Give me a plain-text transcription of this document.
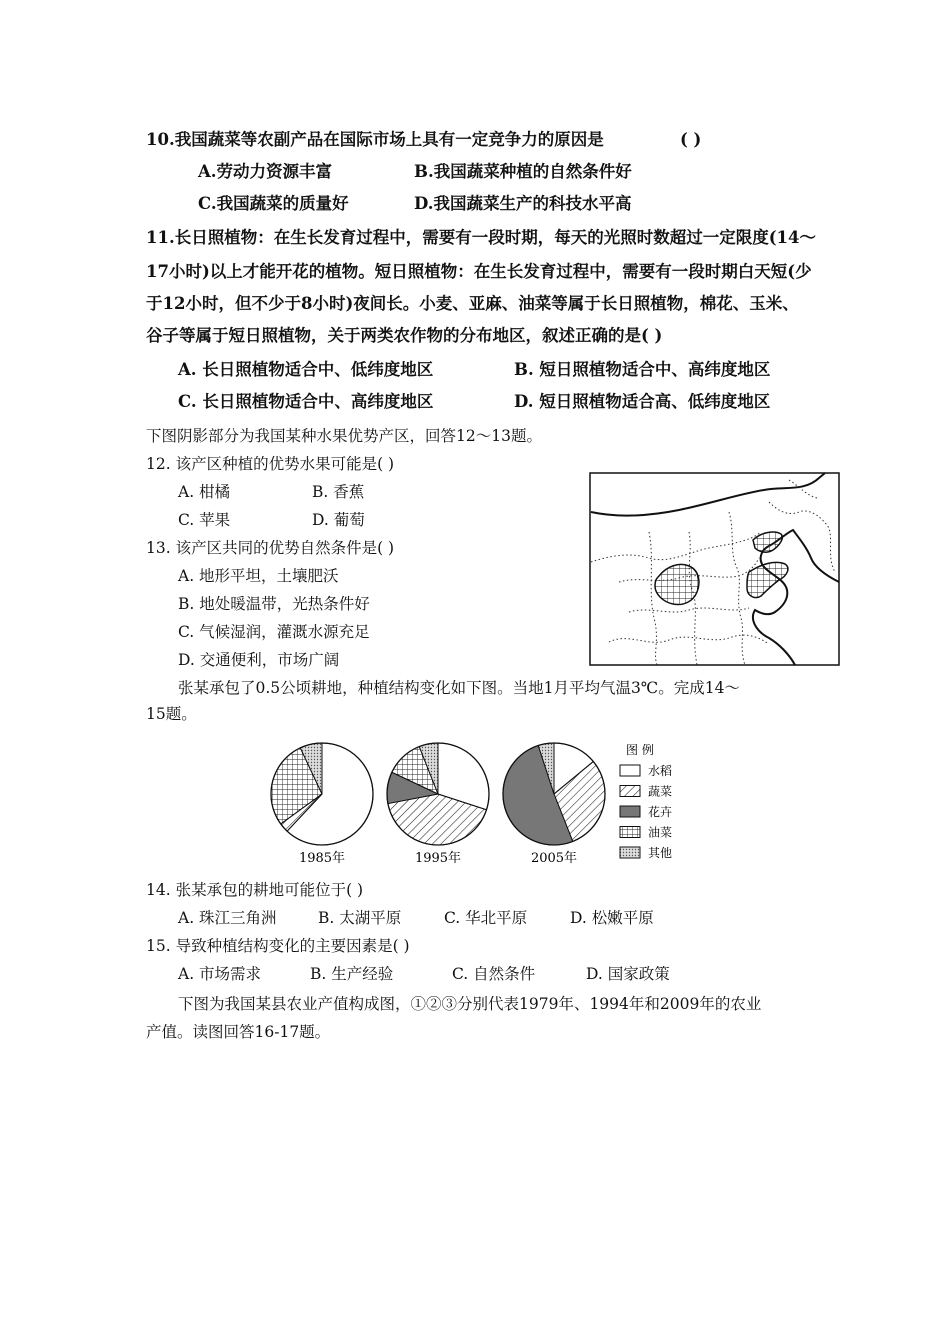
10.我国蔬菜等农副产品在国际市场上具有一定竞争力的原因是	( )
A.劳动力资源丰富	B.我国蔬菜种植的自然条件好
C.我国蔬菜的质量好	D.我国蔬菜生产的科技水平高
11.长日照植物：在生长发育过程中，需要有一段时期，每天的光照时数超过一定限度(14～
17小时)以上才能开花的植物。短日照植物：在生长发育过程中，需要有一段时期白天短(少
于12小时，但不少于8小时)夜间长。小麦、亚麻、油菜等属于长日照植物，棉花、玉米、
谷子等属于短日照植物，关于两类农作物的分布地区，叙述正确的是( )
A. 长日照植物适合中、低纬度地区	B. 短日照植物适合中、高纬度地区
C. 长日照植物适合中、高纬度地区	D. 短日照植物适合高、低纬度地区
下图阴影部分为我国某种水果优势产区，回答12～13题。
12. 该产区种植的优势水果可能是( )
A. 柑橘	B. 香蕉
C. 苹果	D. 葡萄
13. 该产区共同的优势自然条件是( )
A. 地形平坦，土壤肥沃
B. 地处暖温带，光热条件好
C. 气候湿润，灌溉水源充足
D. 交通便利，市场广阔
张某承包了0.5公顷耕地，种植结构变化如下图。当地1月平均气温3℃。完成14～
15题。
1985年	1995年	2005年
图 例
水稻
蔬菜
花卉
油菜
其他
14. 张某承包的耕地可能位于( )
A. 珠江三角洲	B. 太湖平原	C. 华北平原	D. 松嫩平原
15. 导致种植结构变化的主要因素是( )
A. 市场需求	B. 生产经验	C. 自然条件	D. 国家政策
下图为我国某县农业产值构成图，①②③分别代表1979年、1994年和2009年的农业
产值。读图回答16-17题。
